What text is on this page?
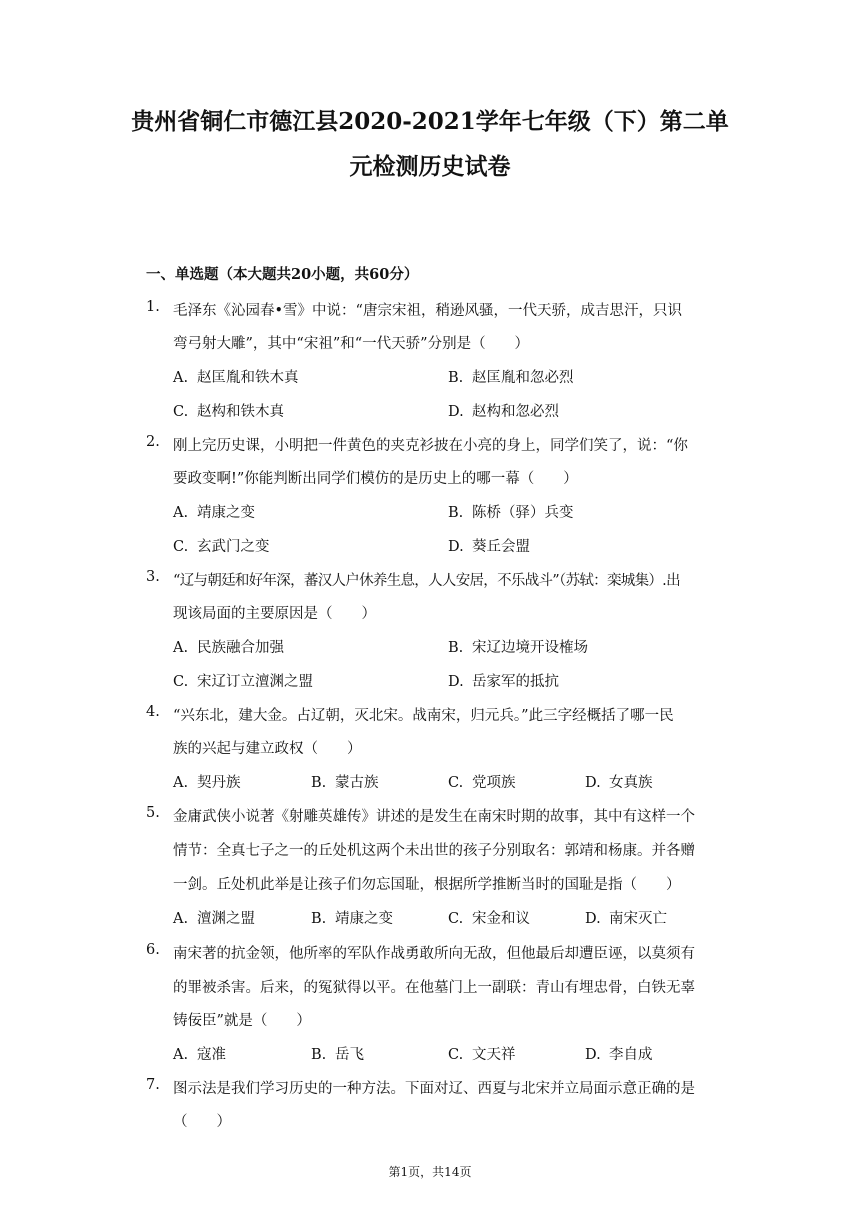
贵州省铜仁市德江县2020-2021学年七年级（下）第二单
元检测历史试卷
一、单选题（本大题共20小题，共60分）
1. 毛泽东《沁园春•雪》中说：“唐宗宋祖，稍逊风骚，一代天骄，成吉思汗，只识
弯弓射大雕”，其中“宋祖”和“一代天骄”分别是（　　）
A. 赵匡胤和铁木真	B. 赵匡胤和忽必烈
C. 赵构和铁木真	D. 赵构和忽必烈
2. 刚上完历史课，小明把一件黄色的夹克衫披在小亮的身上，同学们笑了，说：“你
要政变啊!”你能判断出同学们模仿的是历史上的哪一幕（　　）
A. 靖康之变	B. 陈桥（驿）兵变
C. 玄武门之变	D. 葵丘会盟
3. “辽与朝廷和好年深，蕃汉人户休养生息，人人安居，不乐战斗”（苏轼：栾城集）.出
现该局面的主要原因是（　　）
A. 民族融合加强	B. 宋辽边境开设榷场
C. 宋辽订立澶渊之盟	D. 岳家军的抵抗
4. “兴东北，建大金。占辽朝，灭北宋。战南宋，归元兵。”此三字经概括了哪一民
族的兴起与建立政权（　　）
A. 契丹族	B. 蒙古族	C. 党项族	D. 女真族
5. 金庸武侠小说著《射雕英雄传》讲述的是发生在南宋时期的故事，其中有这样一个
情节：全真七子之一的丘处机这两个未出世的孩子分别取名：郭靖和杨康。并各赠
一剑。丘处机此举是让孩子们勿忘国耻，根据所学推断当时的国耻是指（　　）
A. 澶渊之盟	B. 靖康之变	C. 宋金和议	D. 南宋灭亡
6. 南宋著的抗金领，他所率的军队作战勇敢所向无敌，但他最后却遭臣诬，以莫须有
的罪被杀害。后来，的冤狱得以平。在他墓门上一副联：青山有埋忠骨，白铁无辜
铸佞臣”就是（　　）
A. 寇准	B. 岳飞	C. 文天祥	D. 李自成
7. 图示法是我们学习历史的一种方法。下面对辽、西夏与北宋并立局面示意正确的是
（　　）
第1页，共14页
